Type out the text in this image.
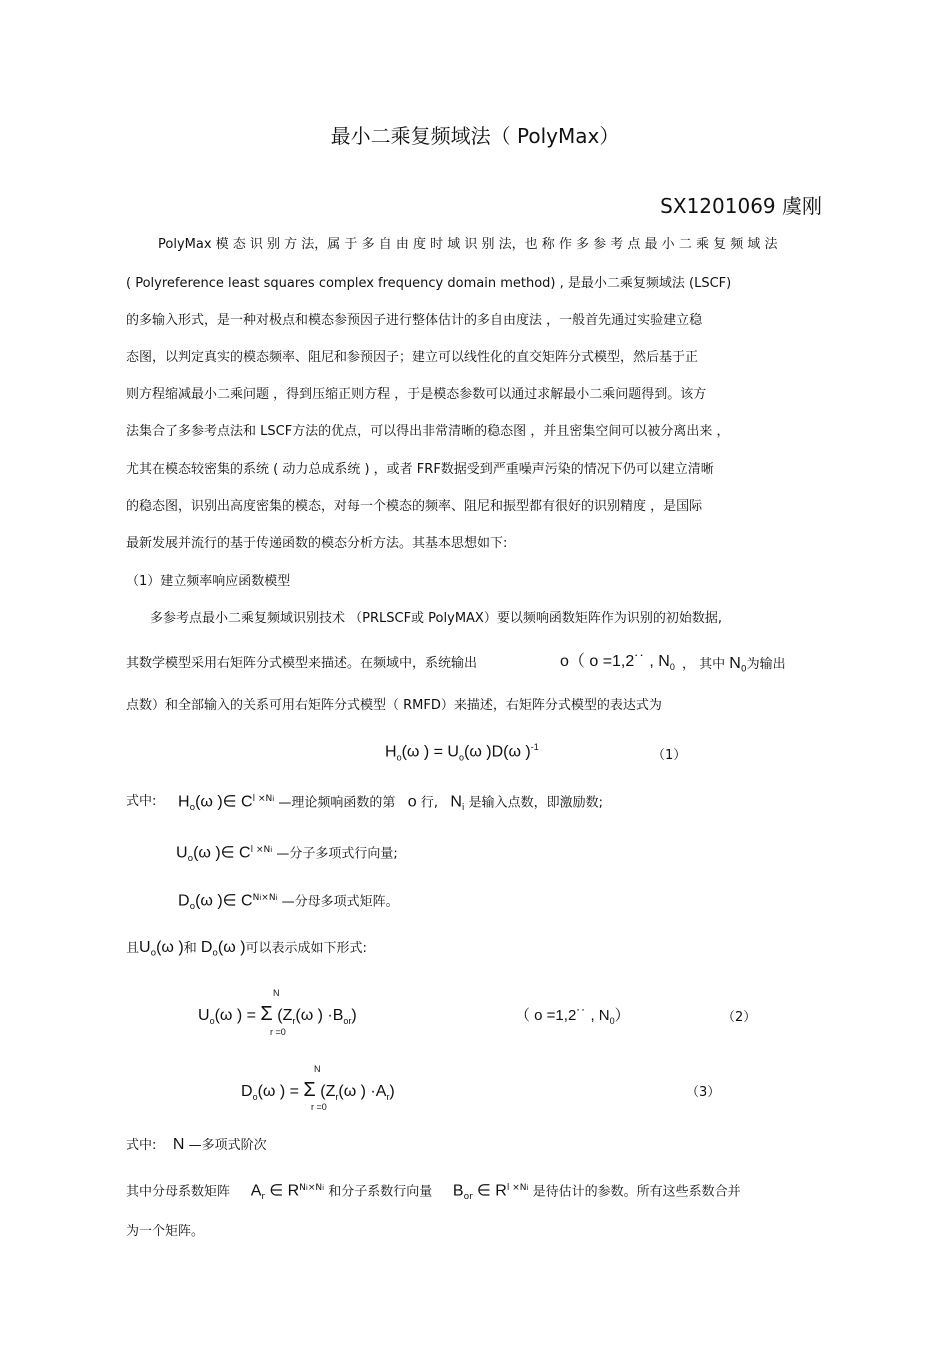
最小二乘复频域法（ PolyMax）
SX1201069 虞刚
PolyMax 模 态 识 别 方 法，属 于 多 自 由 度 时 域 识 别 法，也 称 作 多 参 考 点 最 小 二 乘 复 频 域 法
( Polyreference least squares complex frequency domain method) , 是最小二乘复频域法 (LSCF)
的多输入形式，是一种对极点和模态参预因子进行整体估计的多自由度法 ，一般首先通过实验建立稳
态图，以判定真实的模态频率、阻尼和参预因子；建立可以线性化的直交矩阵分式模型，然后基于正
则方程缩减最小二乘问题 ，得到压缩正则方程 ，于是模态参数可以通过求解最小二乘问题得到。该方
法集合了多参考点法和 LSCF方法的优点，可以得出非常清晰的稳态图 ，并且密集空间可以被分离出来 ，
尤其在模态较密集的系统 ( 动力总成系统 ) ，或者 FRF数据受到严重噪声污染的情况下仍可以建立清晰
的稳态图，识别出高度密集的模态，对每一个模态的频率、阻尼和振型都有很好的识别精度 ，是国际
最新发展并流行的基于传递函数的模态分析方法。其基本思想如下:
（1）建立频率响应函数模型
多参考点最小二乘复频域识别技术 （PRLSCF或 PolyMAX）要以频响函数矩阵作为识别的初始数据,
其数学模型采用右矩阵分式模型来描述。在频域中，系统输出	o（ o =1,2˙˙ , $N_0$ ， 其中 $N_0$为输出
点数）和全部输入的关系可用右矩阵分式模型（ RMFD）来描述，右矩阵分式模型的表达式为
$H_o(\omega$ ) = $U_o(\omega$ )D(ω )$^{-1}$
（1）
式中: $H_o(\omega$ )∈ $C^{l \times Ni}$ —理论频响函数的第 o 行, $N_i$ 是输入点数，即激励数;
$U_o(\omega$ )∈ $C^{l \times Ni}$ —分子多项式行向量;
$D_o(\omega$ )∈ $C^{Ni\times Ni}$ —分母多项式矩阵。
且$U_o(\omega$ )和 $D_o(\omega$ )可以表示成如下形式:
$U_o(\omega$ ) = Σ ($Z_r(\omega$ ) $\cdot B_{or}$)
N
r =0
（ o =1,2˙˙ , $N_0$）	（2）
$D_o(\omega$ ) = Σ ($Z_r(\omega$ ) $\cdot A_r$)
N
r =0
（3）
式中: N —多项式阶次
其中分母系数矩阵 $A_r$ ∈ $R^{Ni\times Ni}$ 和分子系数行向量 $B_{or}$ ∈ $R^{l \times Ni}$ 是待估计的参数。所有这些系数合并
为一个矩阵。
